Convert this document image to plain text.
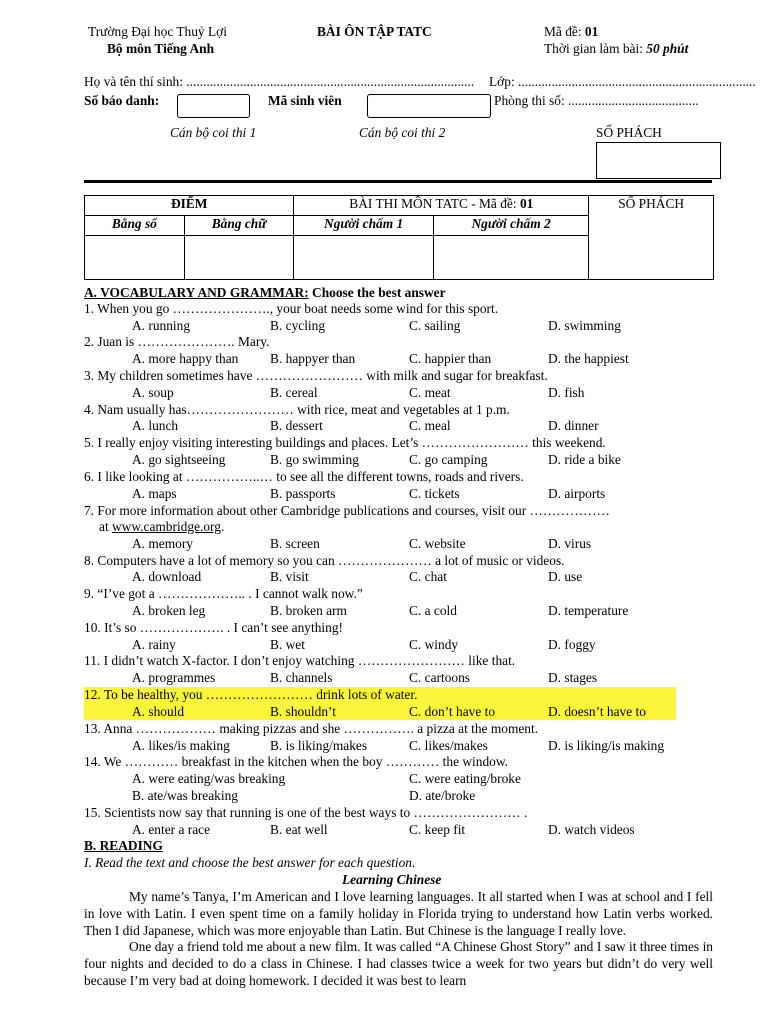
Trường Đại học Thuỷ Lợi
Bộ môn Tiếng Anh
BÀI ÔN TẬP TATC	Mã đề: 01
Thời gian làm bài: 50 phút
Họ và tên thí sinh: ...................................................................................... Lớp: .......................................................................
Số báo danh:	Mã sinh viên	Phòng thi số: .......................................
Cán bộ coi thi 1	Cán bộ coi thi 2	SỐ PHÁCH
ĐIỂM		BÀI THI MÔN TATC - Mã đề: 01		SỐ PHÁCH
Bằng số	Bằng chữ	Người chấm 1	Người chấm 2	

A. VOCABULARY AND GRAMMAR: Choose the best answer
1. When you go …………………., your boat needs some wind for this sport.
A. running	B. cycling	C. sailing	D. swimming
2. Juan is …………………. Mary.
A. more happy than B. happyer than	C. happier than	D. the happiest
3. My children sometimes have …………………… with milk and sugar for breakfast.
A. soup	B. cereal	C. meat	D. fish
4. Nam usually has…………………… with rice, meat and vegetables at 1 p.m.
A. lunch	B. dessert	C. meal	D. dinner
5. I really enjoy visiting interesting buildings and places. Let’s …………………… this weekend.
A. go sightseeing	B. go swimming	C. go camping	D. ride a bike
6. I like looking at ……………..… to see all the different towns, roads and rivers.
A. maps	B. passports	C. tickets	D. airports
7. For more information about other Cambridge publications and courses, visit our ………………
at www.cambridge.org.
A. memory	B. screen	C. website	D. virus
8. Computers have a lot of memory so you can ………………… a lot of music or videos.
A. download	B. visit	C. chat	D. use
9. “I’ve got a ……………….. . I cannot walk now.”
A. broken leg	B. broken arm	C. a cold	D. temperature
10. It’s so ………………. . I can’t see anything!
A. rainy	B. wet	C. windy	D. foggy
11. I didn’t watch X-factor. I don’t enjoy watching …………………… like that.
A. programmes	B. channels	C. cartoons	D. stages
12. To be healthy, you …………………… drink lots of water.
A. should	B. shouldn’t	C. don’t have to	D. doesn’t have to
13. Anna ……………… making pizzas and she ……………. a pizza at the moment.
A. likes/is making	B. is liking/makes	C. likes/makes	D. is liking/is making
14. We ………… breakfast in the kitchen when the boy ………… the window.
A. were eating/was breaking	C. were eating/broke
B. ate/was breaking	D. ate/broke
15. Scientists now say that running is one of the best ways to …………………… .
A. enter a race	B. eat well	C. keep fit	D. watch videos
B. READING
I. Read the text and choose the best answer for each question.
Learning Chinese

My name’s Tanya, I’m American and I love learning languages. It all started when I was at school and I fell in love with Latin. I even spent time on a family holiday in Florida trying to understand how Latin verbs worked. Then I did Japanese, which was more enjoyable than Latin. But Chinese is the language I really love.

One day a friend told me about a new film. It was called “A Chinese Ghost Story” and I saw it three times in four nights and decided to do a class in Chinese. I had classes twice a week for two years but didn’t do very well because I’m very bad at doing homework. I decided it was best to learn
